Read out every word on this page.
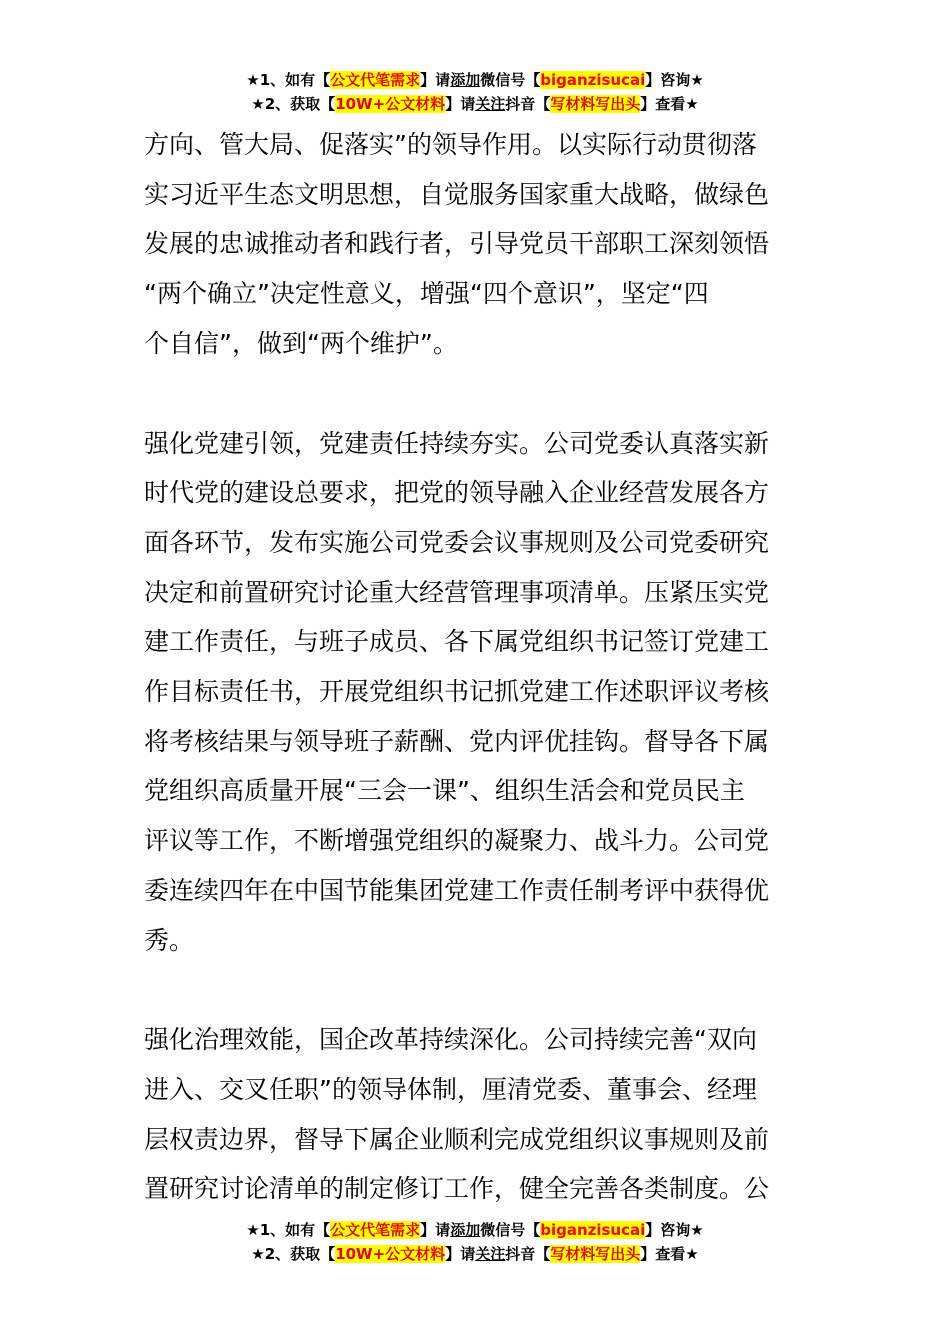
★1、如有【公文代笔需求】请添加微信号【biganzisucai】咨询★
★2、获取【10W+公文材料】请关注抖音【写材料写出头】查看★

方向、管大局、促落实”的领导作用。以实际行动贯彻落
实习近平生态文明思想，自觉服务国家重大战略，做绿色
发展的忠诚推动者和践行者，引导党员干部职工深刻领悟
“两个确立”决定性意义，增强“四个意识”，坚定“四
个自信”，做到“两个维护”。

强化党建引领，党建责任持续夯实。公司党委认真落实新
时代党的建设总要求，把党的领导融入企业经营发展各方
面各环节，发布实施公司党委会议事规则及公司党委研究
决定和前置研究讨论重大经营管理事项清单。压紧压实党
建工作责任，与班子成员、各下属党组织书记签订党建工
作目标责任书，开展党组织书记抓党建工作述职评议考核
将考核结果与领导班子薪酬、党内评优挂钩。督导各下属
党组织高质量开展“三会一课”、组织生活会和党员民主
评议等工作，不断增强党组织的凝聚力、战斗力。公司党
委连续四年在中国节能集团党建工作责任制考评中获得优
秀。

强化治理效能，国企改革持续深化。公司持续完善“双向
进入、交叉任职”的领导体制，厘清党委、董事会、经理
层权责边界，督导下属企业顺利完成党组织议事规则及前
置研究讨论清单的制定修订工作，健全完善各类制度。公

★1、如有【公文代笔需求】请添加微信号【biganzisucai】咨询★
★2、获取【10W+公文材料】请关注抖音【写材料写出头】查看★
